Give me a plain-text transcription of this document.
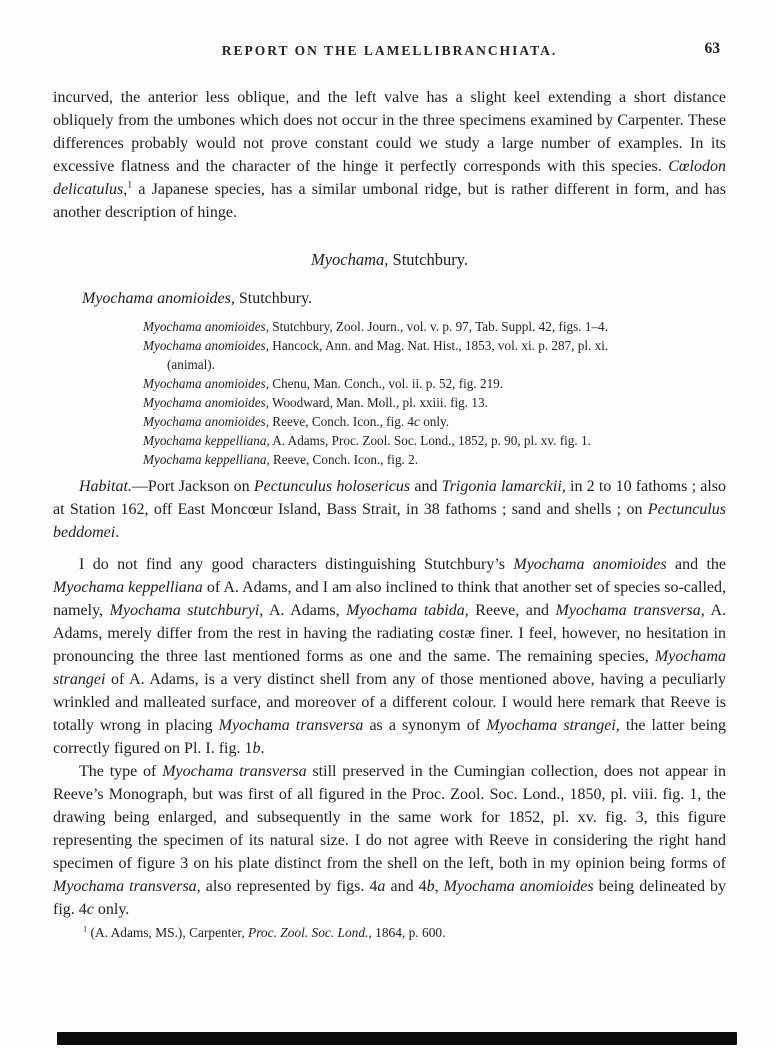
REPORT ON THE LAMELLIBRANCHIATA.	63

incurved, the anterior less oblique, and the left valve has a slight keel extending a short distance obliquely from the umbones which does not occur in the three specimens examined by Carpenter. These differences probably would not prove constant could we study a large number of examples. In its excessive flatness and the character of the hinge it perfectly corresponds with this species. Cœlodon delicatulus,$^1$ a Japanese species, has a similar umbonal ridge, but is rather different in form, and has another description of hinge.

Myochama, Stutchbury.

Myochama anomioides, Stutchbury.

Myochama anomioides, Stutchbury, Zool. Journ., vol. v. p. 97, Tab. Suppl. 42, figs. 1–4.

Myochama anomioides, Hancock, Ann. and Mag. Nat. Hist., 1853, vol. xi. p. 287, pl. xi.
(animal).

Myochama anomioides, Chenu, Man. Conch., vol. ii. p. 52, fig. 219.

Myochama anomioides, Woodward, Man. Moll., pl. xxiii. fig. 13.

Myochama anomioides, Reeve, Conch. Icon., fig. 4c only.

Myochama keppelliana, A. Adams, Proc. Zool. Soc. Lond., 1852, p. 90, pl. xv. fig. 1.

Myochama keppelliana, Reeve, Conch. Icon., fig. 2.

Habitat.—Port Jackson on Pectunculus holosericus and Trigonia lamarckii, in 2 to 10 fathoms ; also at Station 162, off East Moncœur Island, Bass Strait, in 38 fathoms ; sand and shells ; on Pectunculus beddomei.

I do not find any good characters distinguishing Stutchbury’s Myochama anomioides and the Myochama keppelliana of A. Adams, and I am also inclined to think that another set of species so-called, namely, Myochama stutchburyi, A. Adams, Myochama tabida, Reeve, and Myochama transversa, A. Adams, merely differ from the rest in having the radiating costæ finer. I feel, however, no hesitation in pronouncing the three last mentioned forms as one and the same. The remaining species, Myochama strangei of A. Adams, is a very distinct shell from any of those mentioned above, having a peculiarly wrinkled and malleated surface, and moreover of a different colour. I would here remark that Reeve is totally wrong in placing Myochama transversa as a synonym of Myochama strangei, the latter being correctly figured on Pl. I. fig. 1b.

The type of Myochama transversa still preserved in the Cumingian collection, does not appear in Reeve’s Monograph, but was first of all figured in the Proc. Zool. Soc. Lond., 1850, pl. viii. fig. 1, the drawing being enlarged, and subsequently in the same work for 1852, pl. xv. fig. 3, this figure representing the specimen of its natural size. I do not agree with Reeve in considering the right hand specimen of figure 3 on his plate distinct from the shell on the left, both in my opinion being forms of Myochama transversa, also represented by figs. 4a and 4b, Myochama anomioides being delineated by fig. 4c only.

$^1$ (A. Adams, MS.), Carpenter, Proc. Zool. Soc. Lond., 1864, p. 600.
